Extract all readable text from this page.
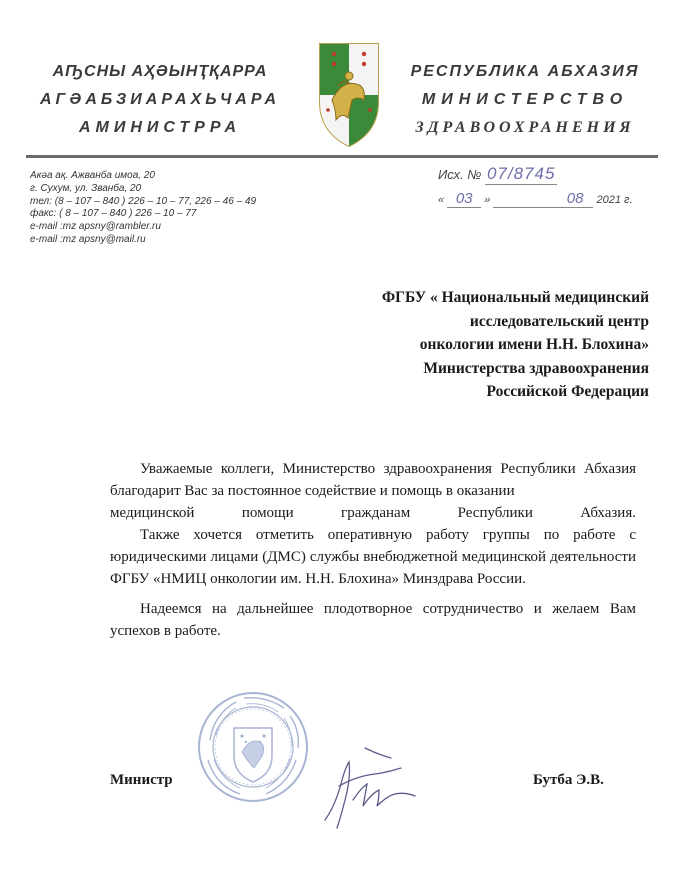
АҦСНЫ АҲӘЫНҬҚАРРА
АГӘАБЗИАРАХЬЧАРА
АМИНИСТРРА
РЕСПУБЛИКА АБХАЗИЯ
МИНИСТЕРСТВО
ЗДРАВООХРАНЕНИЯ
Акәа ақ. Ажванба имоа, 20
г. Сухум, ул. Званба, 20
тел: (8 – 107 – 840 ) 226 – 10 – 77, 226 – 46 – 49
факс: ( 8 – 107 – 840 ) 226 – 10 – 77
e-mail :mz apsny@rambler.ru
e-mail :mz apsny@mail.ru
Исх. № 07/8745
« 03 »	08 2021 г.
ФГБУ « Национальный медицинский
исследовательский центр
онкологии имени Н.Н. Блохина»
Министерства здравоохранения
Российской Федерации

Уважаемые коллеги, Министерство здравоохранения Республики Абхазия благодарит Вас за постоянное содействие и помощь в оказании

медицинской помощи гражданам Республики Абхазия.

Также хочется отметить оперативную работу группы по работе с юридическими лицами (ДМС) службы внебюджетной медицинской деятельности ФГБУ «НМИЦ онкологии им. Н.Н. Блохина» Минздрава России.

Надеемся на дальнейшее плодотворное сотрудничество и желаем Вам успехов в работе.

Министр	Бутба Э.В.
